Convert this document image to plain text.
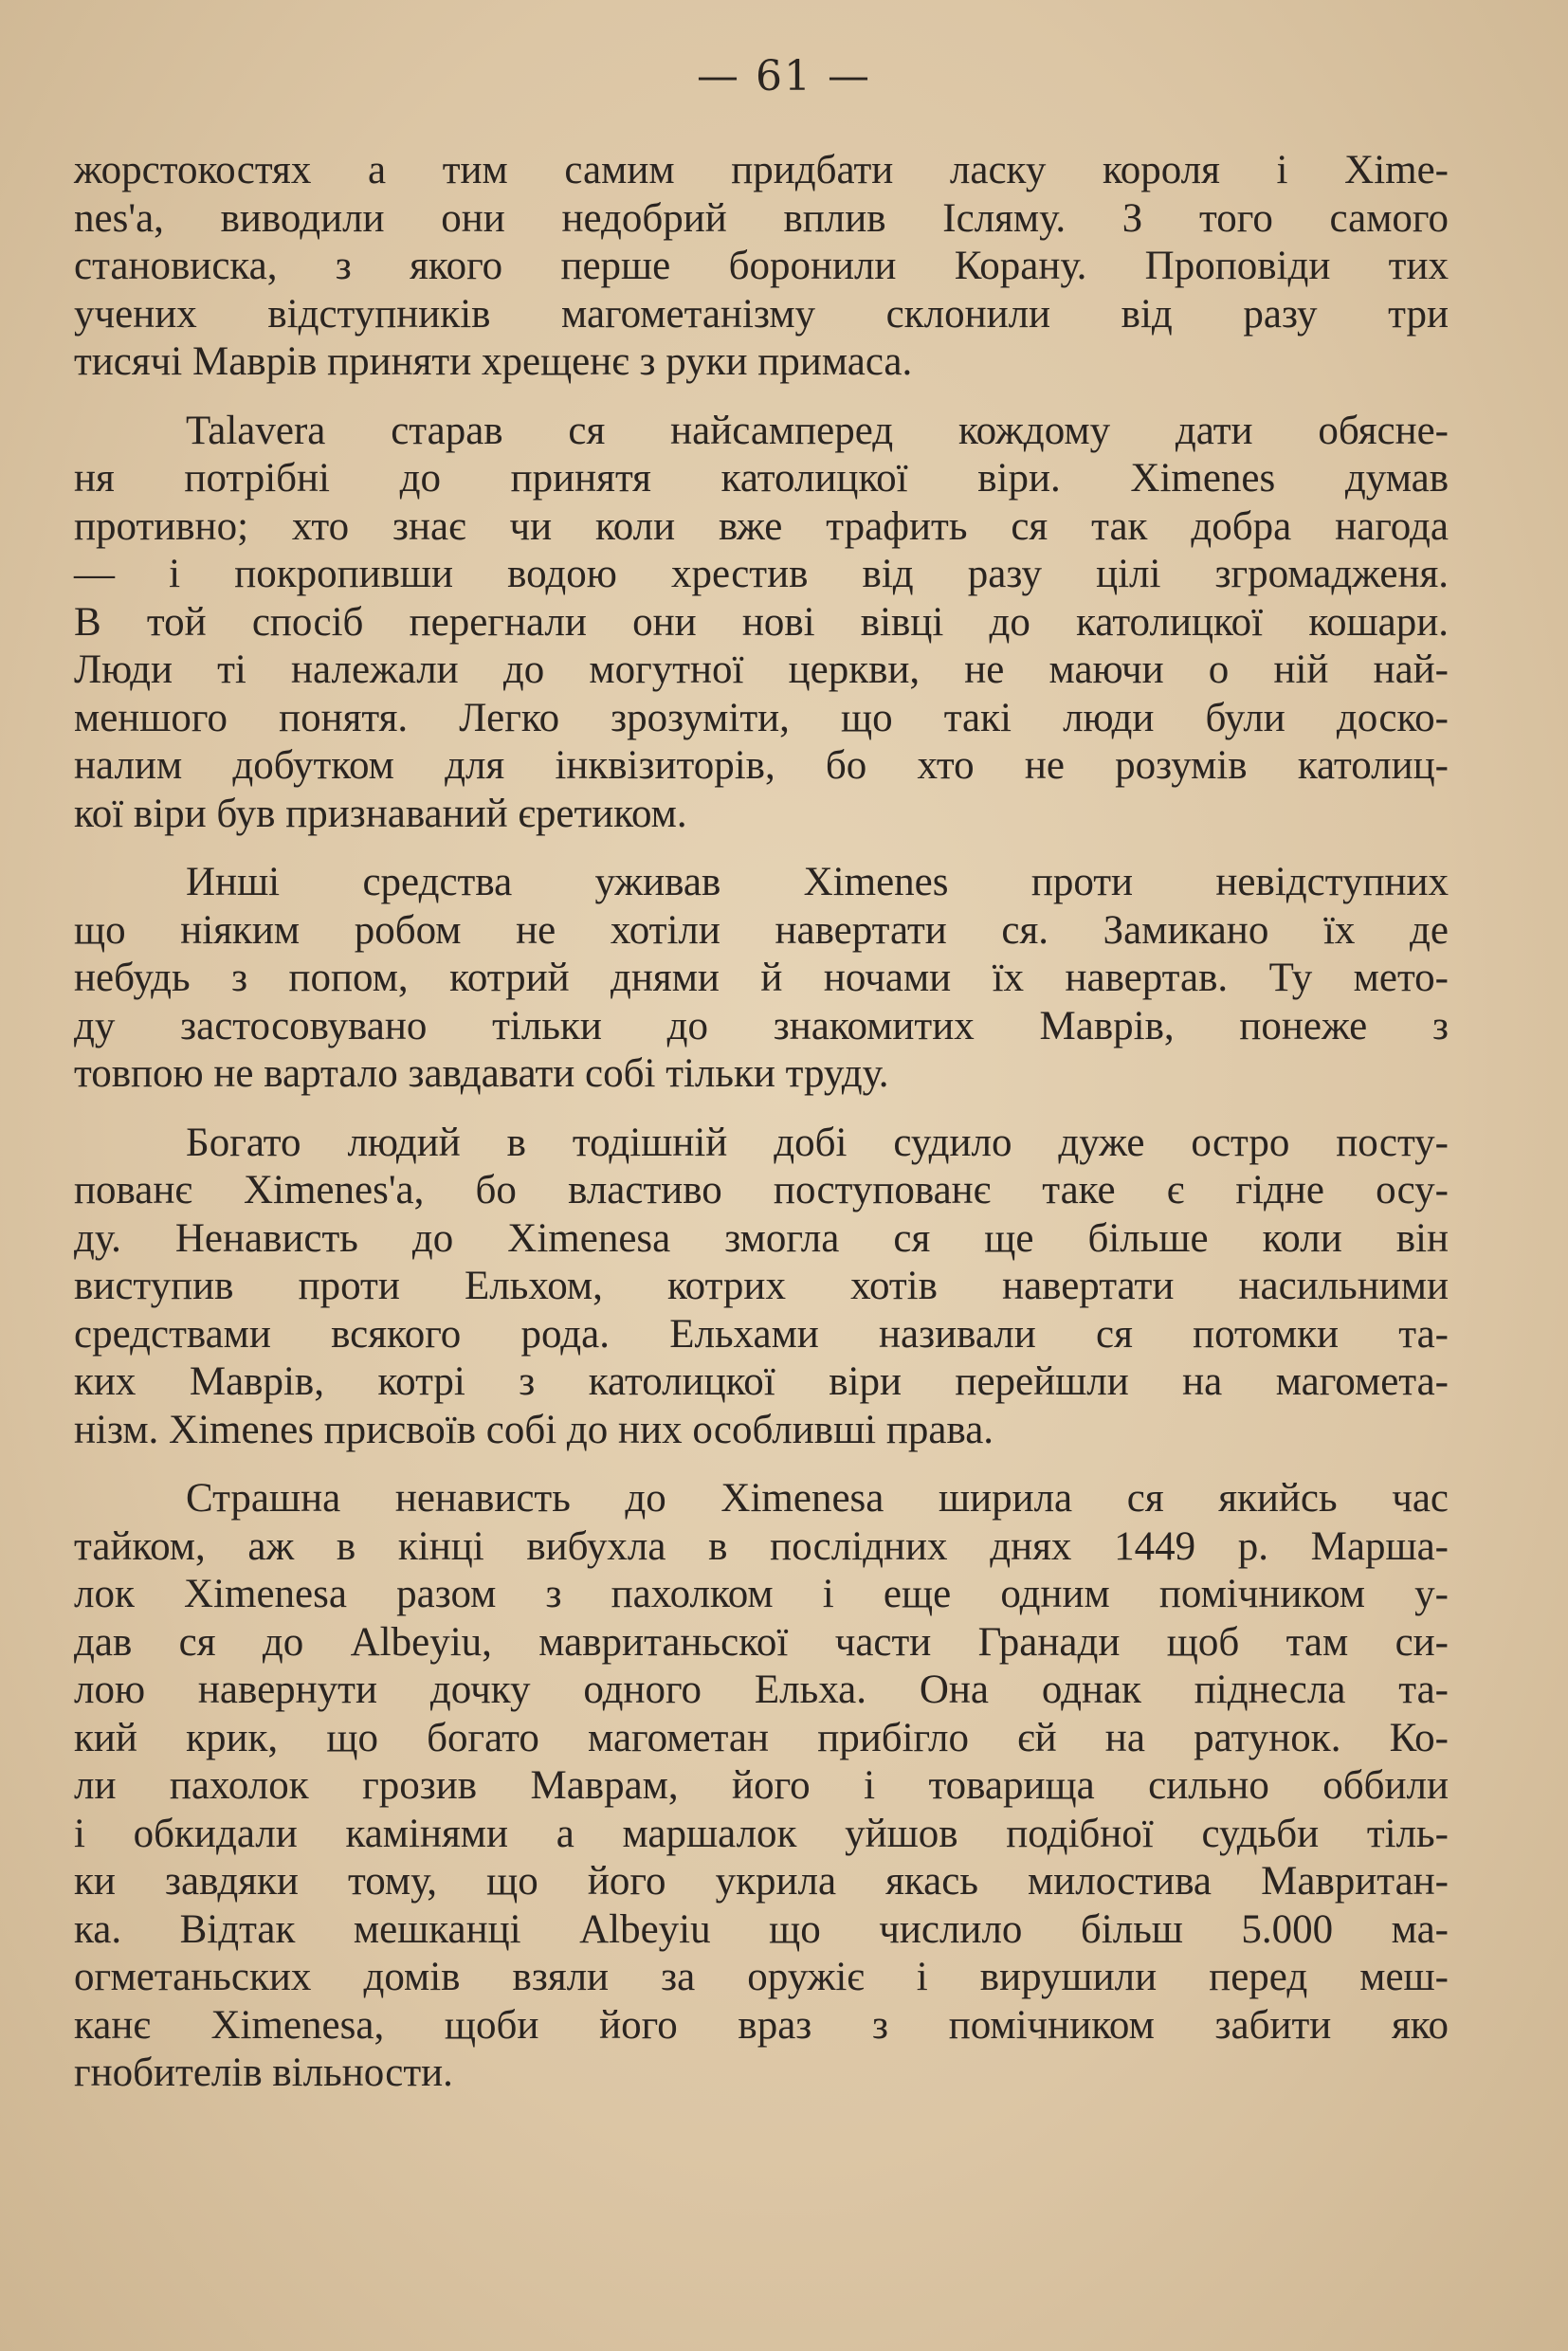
— 61 —
жорстокостях а тим самим придбати ласку короля і Хime-
nes'а, виводили они недобрий вплив Ісляму. З того самого
становиска, з якого перше боронили Корану. Проповіди тих
учених відступників магометанізму склонили від разу три
тисячі Маврів приняти хрещенє з руки примаса.
Talavera старав ся найсамперед кождому дати обясне-
ня потрібні до принятя католицкої віри. Ximenes думав
противно; хто знає чи коли вже трафить ся так добра нагода
— і покропивши водою хрестив від разу цілі згромадженя.
В той спосіб перегнали они нові вівці до католицкої кошари.
Люди ті належали до могутної церкви, не маючи о ній най-
меншого понятя. Легко зрозуміти, що такі люди були доско-
налим добутком для інквізиторів, бо хто не розумів католиц-
кої віри був признаваний єретиком.
Инші средства уживав Ximenes проти невідступних
що ніяким робом не хотіли навертати ся. Замикано їх де
небудь з попом, котрий днями й ночами їх навертав. Ту мето-
ду застосовувано тільки до знакомитих Маврів, понеже з
товпою не вартало завдавати собі тільки труду.
Богато людий в тодішній добі судило дуже остро посту-
пованє Ximenes'а, бо властиво поступованє таке є гідне осу-
ду. Ненависть до Ximenesa змогла ся ще більше коли він
виступив проти Ельхом, котрих хотів навертати насильними
средствами всякого рода. Ельхами називали ся потомки та-
ких Маврів, котрі з католицкої віри перейшли на магомета-
нізм. Ximenes присвоїв собі до них особливші права.
Страшна ненависть до Ximenesa ширила ся якийсь час
тайком, аж в кінці вибухла в послідних днях 1449 р. Марша-
лок Ximenesa разом з пахолком і еще одним помічником у-
дав ся до Albeyiu, мавританьскої части Гранади щоб там си-
лою навернути дочку одного Ельха. Она однак піднесла та-
кий крик, що богато магометан прибігло єй на ратунок. Ко-
ли пахолок грозив Маврам, його і товарища сильно оббили
і обкидали камінями а маршалок уйшов подібної судьби тіль-
ки завдяки тому, що його укрила якась милостива Мавритан-
ка. Відтак мешканці Albeyiu що числило більш 5.000 ма-
огметаньских домів взяли за оружіє і вирушили перед меш-
канє Ximenesa, щоби його враз з помічником забити яко
гнобителів вільности.
